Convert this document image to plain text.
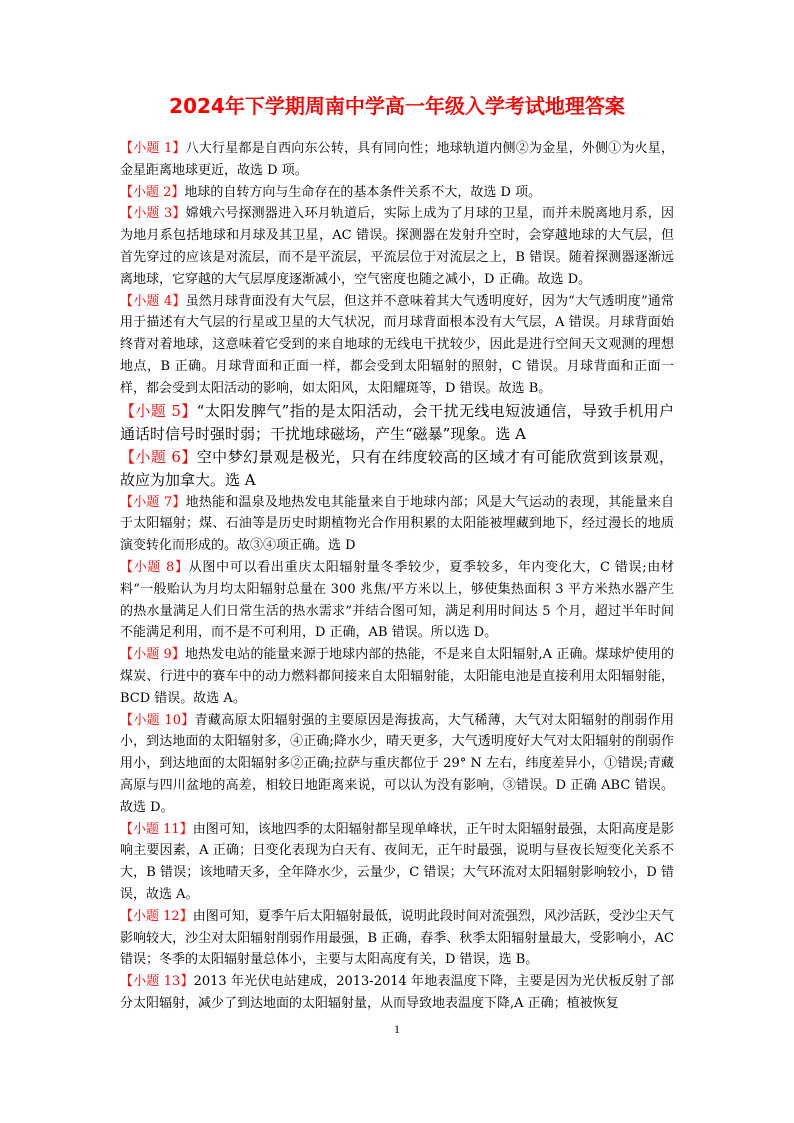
2024年下学期周南中学高一年级入学考试地理答案

【小题 1】八大行星都是自西向东公转，具有同向性；地球轨道内侧②为金星，外侧①为火星，金星距离地球更近，故选 D 项。

【小题 2】地球的自转方向与生命存在的基本条件关系不大，故选 D 项。

【小题 3】嫦娥六号探测器进入环月轨道后，实际上成为了月球的卫星，而并未脱离地月系，因为地月系包括地球和月球及其卫星，AC 错误。探测器在发射升空时，会穿越地球的大气层，但首先穿过的应该是对流层，而不是平流层，平流层位于对流层之上，B 错误。随着探测器逐渐远离地球，它穿越的大气层厚度逐渐减小，空气密度也随之减小，D 正确。故选 D。

【小题 4】虽然月球背面没有大气层，但这并不意味着其大气透明度好，因为“大气透明度”通常用于描述有大气层的行星或卫星的大气状况，而月球背面根本没有大气层，A 错误。月球背面始终背对着地球，这意味着它受到的来自地球的无线电干扰较少，因此是进行空间天文观测的理想地点，B 正确。月球背面和正面一样，都会受到太阳辐射的照射，C 错误。月球背面和正面一样，都会受到太阳活动的影响，如太阳风，太阳耀斑等，D 错误。故选 B。

【小题 5】“太阳发脾气”指的是太阳活动，会干扰无线电短波通信，导致手机用户通话时信号时强时弱；干扰地球磁场，产生“磁暴”现象。选 A

【小题 6】空中梦幻景观是极光，只有在纬度较高的区域才有可能欣赏到该景观，故应为加拿大。选 A

【小题 7】地热能和温泉及地热发电其能量来自于地球内部；风是大气运动的表现，其能量来自于太阳辐射；煤、石油等是历史时期植物光合作用积累的太阳能被埋藏到地下，经过漫长的地质演变转化而形成的。故③④项正确。选 D

【小题 8】从图中可以看出重庆太阳辐射量冬季较少，夏季较多，年内变化大，C 错误;由材料“一般贻认为月均太阳辐射总量在 300 兆焦/平方米以上，够使集热面积 3 平方米热水器产生的热水量满足人们日常生活的热水需求”并结合图可知，满足利用时间达 5 个月，超过半年时间不能满足利用，而不是不可利用，D 正确，AB 错误。所以选 D。

【小题 9】地热发电站的能量来源于地球内部的热能，不是来自太阳辐射,A 正确。煤球炉使用的煤炭、行进中的赛车中的动力燃料都间接来自太阳辐射能，太阳能电池是直接利用太阳辐射能，BCD 错误。故选 A。

【小题 10】青藏高原太阳辐射强的主要原因是海拔高，大气稀薄，大气对太阳辐射的削弱作用小，到达地面的太阳辐射多，④正确;降水少，晴天更多，大气透明度好大气对太阳辐射的削弱作用小，到达地面的太阳辐射多②正确;拉萨与重庆都位于 29° N 左右，纬度差异小，①错误;青藏高原与四川盆地的高差，相较日地距离来说，可以认为没有影响，③错误。D 正确 ABC 错误。故选 D。

【小题 11】由图可知，该地四季的太阳辐射都呈现单峰状，正午时太阳辐射最强，太阳高度是影响主要因素，A 正确；日变化表现为白天有、夜间无，正午时最强，说明与昼夜长短变化关系不大，B 错误；该地晴天多，全年降水少，云量少，C 错误；大气环流对太阳辐射影响较小，D 错误，故选 A。

【小题 12】由图可知，夏季午后太阳辐射最低，说明此段时间对流强烈，风沙活跃，受沙尘天气影响较大，沙尘对太阳辐射削弱作用最强，B 正确，春季、秋季太阳辐射量最大，受影响小，AC 错误；冬季的太阳辐射量总体小，主要与太阳高度有关，D 错误，选 B。

【小题 13】2013 年光伏电站建成，2013-2014 年地表温度下降，主要是因为光伏板反射了部分太阳辐射，减少了到达地面的太阳辐射量，从而导致地表温度下降,A 正确；植被恢复

1
